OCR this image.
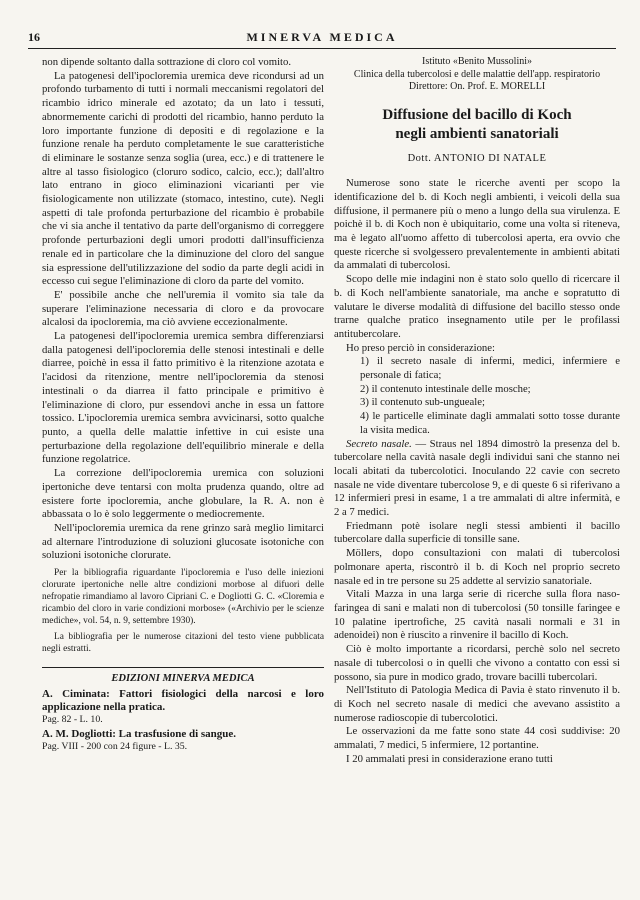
16	MINERVA MEDICA

non dipende soltanto dalla sottrazione di cloro col vomito.

La patogenesi dell'ipocloremia uremica deve ricondursi ad un profondo turbamento di tutti i normali meccanismi regolatori del ricambio idrico minerale ed azotato; da un lato i tessuti, abnormemente carichi di prodotti del ricambio, hanno perduto la loro importante funzione di depositi e di regolazione e la funzione renale ha perduto completamente le sue caratteristiche di eliminare le sostanze senza soglia (urea, ecc.) e di trattenere le altre al tasso fisiologico (cloruro sodico, calcio, ecc.); dall'altro lato entrano in gioco eliminazioni vicarianti per vie fisiologicamente non utilizzate (stomaco, intestino, cute). Negli aspetti di tale profonda perturbazione del ricambio è probabile che vi sia anche il tentativo da parte dell'organismo di correggere profonde perturbazioni degli umori prodotti dall'insufficienza renale ed in particolare che la diminuzione del cloro del sangue sia espressione dell'utilizzazione del sodio da parte degli acidi in eccesso cui segue l'eliminazione di cloro da parte del vomito.

E' possibile anche che nell'uremia il vomito sia tale da superare l'eliminazione necessaria di cloro e da provocare alcalosi da ipocloremia, ma ciò avviene eccezionalmente.

La patogenesi dell'ipocloremia uremica sembra differenziarsi dalla patogenesi dell'ipocloremia delle stenosi intestinali e delle diarree, poichè in essa il fatto primitivo è la ritenzione azotata e l'acidosi da ritenzione, mentre nell'ipocloremia da stenosi intestinali o da diarrea il fatto principale e primitivo è l'eliminazione di cloro, pur essendovi anche in essa un fattore tossico. L'ipocloremia uremica sembra avvicinarsi, sotto qualche punto, a quella delle malattie infettive in cui esiste una perturbazione della regolazione dell'equilibrio minerale e della funzione regolatrice.

La correzione dell'ipocloremia uremica con soluzioni ipertoniche deve tentarsi con molta prudenza quando, oltre ad esistere forte ipocloremia, anche globulare, la R. A. non è abbassata o lo è solo leggermente o mediocremente.

Nell'ipocloremia uremica da rene grinzo sarà meglio limitarci ad alternare l'introduzione di soluzioni glucosate isotoniche con soluzioni isotoniche clorurate.

Per la bibliografia riguardante l'ipocloremia e l'uso delle iniezioni clorurate ipertoniche nelle altre condizioni morbose al difuori delle nefropatie rimandiamo al lavoro Cipriani C. e Dogliotti G. C. «Cloremia e ricambio del cloro in varie condizioni morbose» («Archivio per le scienze mediche», vol. 54, n. 9, settembre 1930).

La bibliografia per le numerose citazioni del testo viene pubblicata negli estratti.

EDIZIONI MINERVA MEDICA
A. Ciminata: Fattori fisiologici della narcosi e loro applicazione nella pratica.
Pag. 82 - L. 10.
A. M. Dogliotti: La trasfusione di sangue.
Pag. VIII - 200 con 24 figure - L. 35.
Istituto «Benito Mussolini»
Clinica della tubercolosi e delle malattie dell'app. respiratorio
Direttore: On. Prof. E. MORELLI
Diffusione del bacillo di Koch
negli ambienti sanatoriali
Dott. ANTONIO DI NATALE

Numerose sono state le ricerche aventi per scopo la identificazione del b. di Koch negli ambienti, i veicoli della sua diffusione, il permanere più o meno a lungo della sua virulenza. E poichè il b. di Koch non è ubiquitario, come una volta si riteneva, ma è legato all'uomo affetto di tubercolosi aperta, era ovvio che queste ricerche si svolgessero prevalentemente in ambienti abitati da ammalati di tubercolosi.

Scopo delle mie indagini non è stato solo quello di ricercare il b. di Koch nell'ambiente sanatoriale, ma anche e sopratutto di valutare le diverse modalità di diffusione del bacillo stesso onde trarne qualche pratico insegnamento utile per le profilassi antitubercolare.

Ho preso perciò in considerazione:

1) il secreto nasale di infermi, medici, infermiere e personale di fatica;

2) il contenuto intestinale delle mosche;

3) il contenuto sub-ungueale;

4) le particelle eliminate dagli ammalati sotto tosse durante la visita medica.

Secreto nasale. — Straus nel 1894 dimostrò la presenza del b. tubercolare nella cavità nasale degli individui sani che stanno nei locali abitati da tubercolotici. Inoculando 22 cavie con secreto nasale ne vide diventare tubercolose 9, e di queste 6 si riferivano a 12 infermieri presi in esame, 1 a tre ammalati di altre infermità, e 2 a 7 medici.

Friedmann potè isolare negli stessi ambienti il bacillo tubercolare dalla superficie di tonsille sane.

Möllers, dopo consultazioni con malati di tubercolosi polmonare aperta, riscontrò il b. di Koch nel proprio secreto nasale ed in tre persone su 25 addette al servizio sanatoriale.

Vitali Mazza in una larga serie di ricerche sulla flora naso-faringea di sani e malati non di tubercolosi (50 tonsille faringee e 10 palatine ipertrofiche, 25 cavità nasali normali e 31 in adenoidei) non è riuscito a rinvenire il bacillo di Koch.

Ciò è molto importante a ricordarsi, perchè solo nel secreto nasale di tubercolosi o in quelli che vivono a contatto con essi si possono, sia pure in modico grado, trovare bacilli tubercolari.

Nell'Istituto di Patologia Medica di Pavia è stato rinvenuto il b. di Koch nel secreto nasale di medici che avevano assistito a numerose radioscopie di tubercolotici.

Le osservazioni da me fatte sono state 44 così suddivise: 20 ammalati, 7 medici, 5 infermiere, 12 portantine.

I 20 ammalati presi in considerazione erano tutti
